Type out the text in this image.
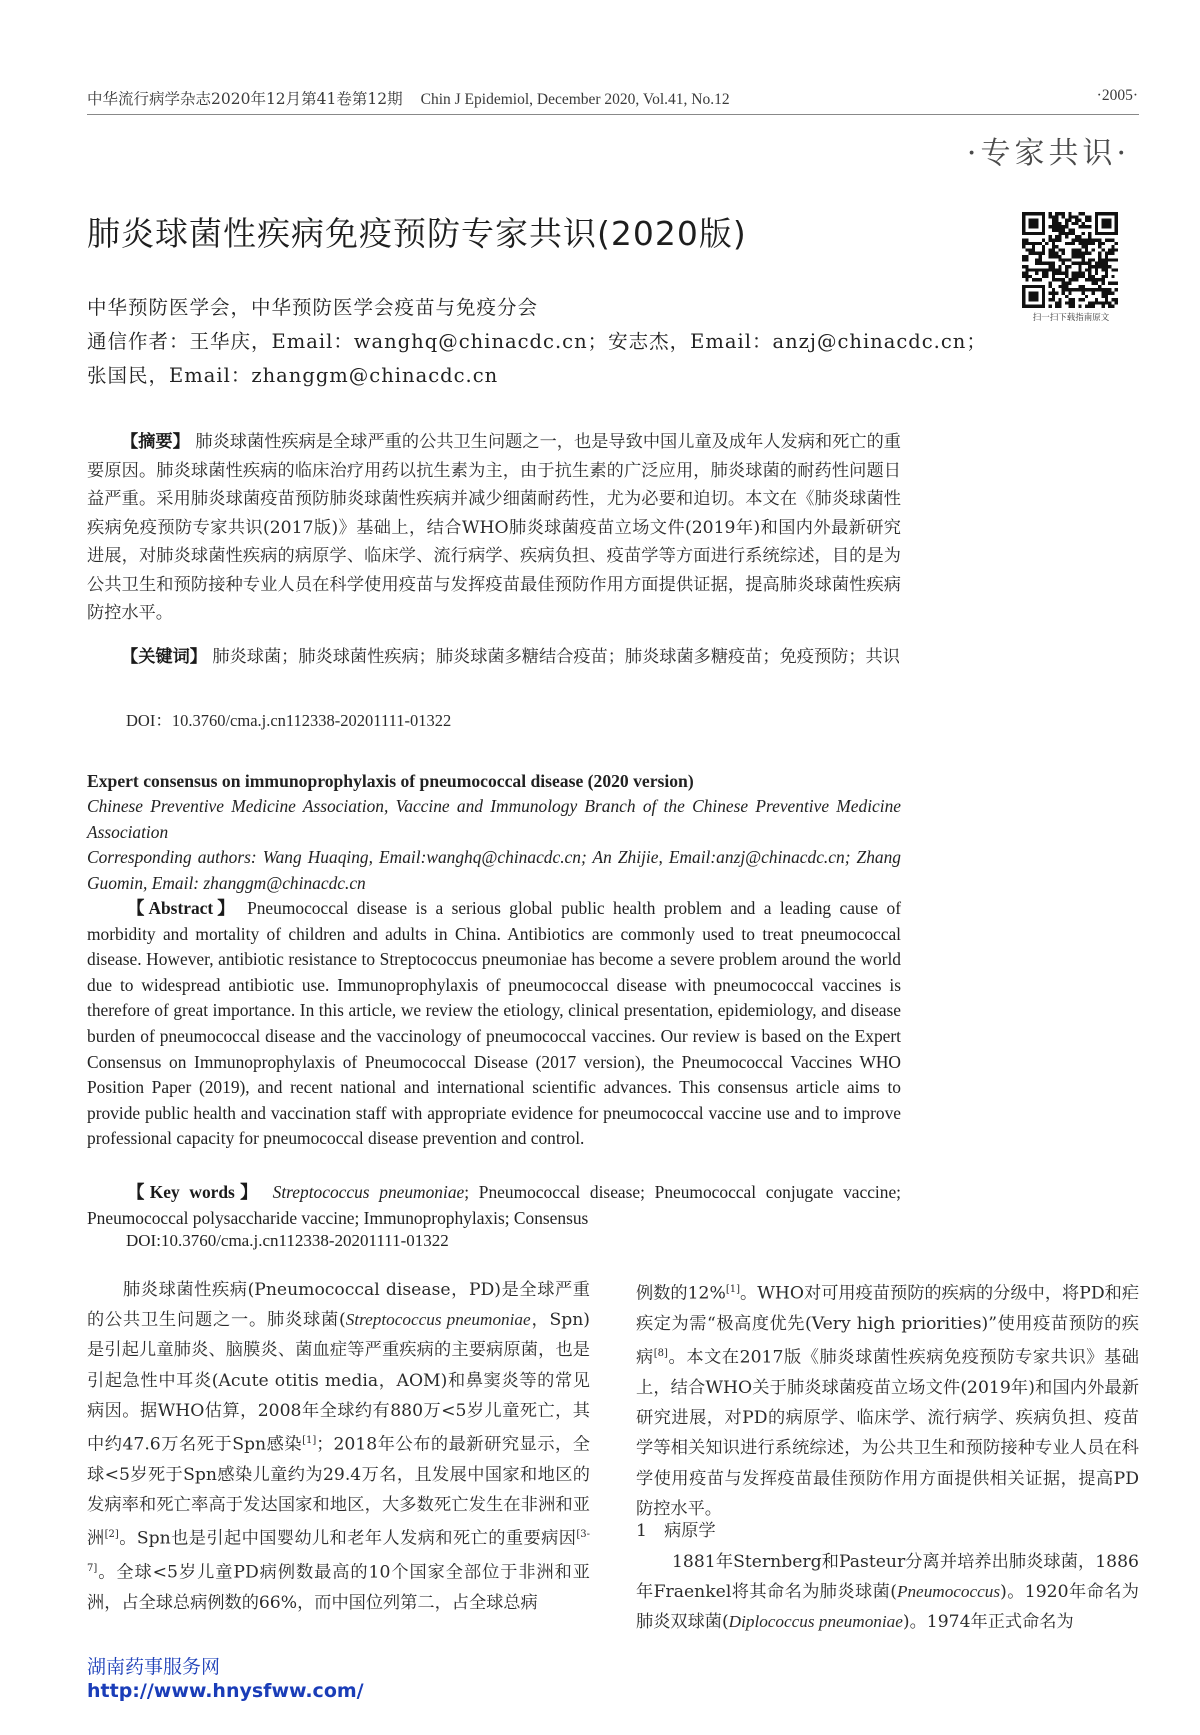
中华流行病学杂志2020年12月第41卷第12期 Chin J Epidemiol, December 2020, Vol.41, No.12	·2005·
·专家共识·
肺炎球菌性疾病免疫预防专家共识(2020版)
扫一扫下载指南原文
中华预防医学会，中华预防医学会疫苗与免疫分会
通信作者：王华庆，Email：wanghq@chinacdc.cn；安志杰，Email：anzj@chinacdc.cn；
张国民，Email：zhanggm@chinacdc.cn
【摘要】 肺炎球菌性疾病是全球严重的公共卫生问题之一，也是导致中国儿童及成年人发病和死亡的重要原因。肺炎球菌性疾病的临床治疗用药以抗生素为主，由于抗生素的广泛应用，肺炎球菌的耐药性问题日益严重。采用肺炎球菌疫苗预防肺炎球菌性疾病并减少细菌耐药性，尤为必要和迫切。本文在《肺炎球菌性疾病免疫预防专家共识(2017版)》基础上，结合WHO肺炎球菌疫苗立场文件(2019年)和国内外最新研究进展，对肺炎球菌性疾病的病原学、临床学、流行病学、疾病负担、疫苗学等方面进行系统综述，目的是为公共卫生和预防接种专业人员在科学使用疫苗与发挥疫苗最佳预防作用方面提供证据，提高肺炎球菌性疾病防控水平。
【关键词】 肺炎球菌；肺炎球菌性疾病；肺炎球菌多糖结合疫苗；肺炎球菌多糖疫苗；免疫预防；共识
DOI：10.3760/cma.j.cn112338-20201111-01322
Expert consensus on immunoprophylaxis of pneumococcal disease (2020 version)
Chinese Preventive Medicine Association, Vaccine and Immunology Branch of the Chinese Preventive Medicine Association
Corresponding authors: Wang Huaqing, Email:wanghq@chinacdc.cn; An Zhijie, Email:anzj@chinacdc.cn; Zhang Guomin, Email: zhanggm@chinacdc.cn
【Abstract】 Pneumococcal disease is a serious global public health problem and a leading cause of morbidity and mortality of children and adults in China. Antibiotics are commonly used to treat pneumococcal disease. However, antibiotic resistance to Streptococcus pneumoniae has become a severe problem around the world due to widespread antibiotic use. Immunoprophylaxis of pneumococcal disease with pneumococcal vaccines is therefore of great importance. In this article, we review the etiology, clinical presentation, epidemiology, and disease burden of pneumococcal disease and the vaccinology of pneumococcal vaccines. Our review is based on the Expert Consensus on Immunoprophylaxis of Pneumococcal Disease (2017 version), the Pneumococcal Vaccines WHO Position Paper (2019), and recent national and international scientific advances. This consensus article aims to provide public health and vaccination staff with appropriate evidence for pneumococcal vaccine use and to improve professional capacity for pneumococcal disease prevention and control.
【Key words】 Streptococcus pneumoniae; Pneumococcal disease; Pneumococcal conjugate vaccine; Pneumococcal polysaccharide vaccine; Immunoprophylaxis; Consensus
DOI:10.3760/cma.j.cn112338-20201111-01322
肺炎球菌性疾病(Pneumococcal disease，PD)是全球严重的公共卫生问题之一。肺炎球菌(Streptococcus pneumoniae，Spn)是引起儿童肺炎、脑膜炎、菌血症等严重疾病的主要病原菌，也是引起急性中耳炎(Acute otitis media，AOM)和鼻窦炎等的常见病因。据WHO估算，2008年全球约有880万<5岁儿童死亡，其中约47.6万名死于Spn感染[1]；2018年公布的最新研究显示，全球<5岁死于Spn感染儿童约为29.4万名，且发展中国家和地区的发病率和死亡率高于发达国家和地区，大多数死亡发生在非洲和亚洲[2]。Spn也是引起中国婴幼儿和老年人发病和死亡的重要病因[3-7]。全球<5岁儿童PD病例数最高的10个国家全部位于非洲和亚洲，占全球总病例数的66%，而中国位列第二，占全球总病
例数的12%[1]。WHO对可用疫苗预防的疾病的分级中，将PD和疟疾定为需“极高度优先(Very high priorities)”使用疫苗预防的疾病[8]。本文在2017版《肺炎球菌性疾病免疫预防专家共识》基础上，结合WHO关于肺炎球菌疫苗立场文件(2019年)和国内外最新研究进展，对PD的病原学、临床学、流行病学、疾病负担、疫苗学等相关知识进行系统综述，为公共卫生和预防接种专业人员在科学使用疫苗与发挥疫苗最佳预防作用方面提供相关证据，提高PD防控水平。
1　病原学
1881年Sternberg和Pasteur分离并培养出肺炎球菌，1886年Fraenkel将其命名为肺炎球菌(Pneumococcus)。1920年命名为肺炎双球菌(Diplococcus pneumoniae)。1974年正式命名为
湖南药事服务网
http://www.hnysfww.com/
